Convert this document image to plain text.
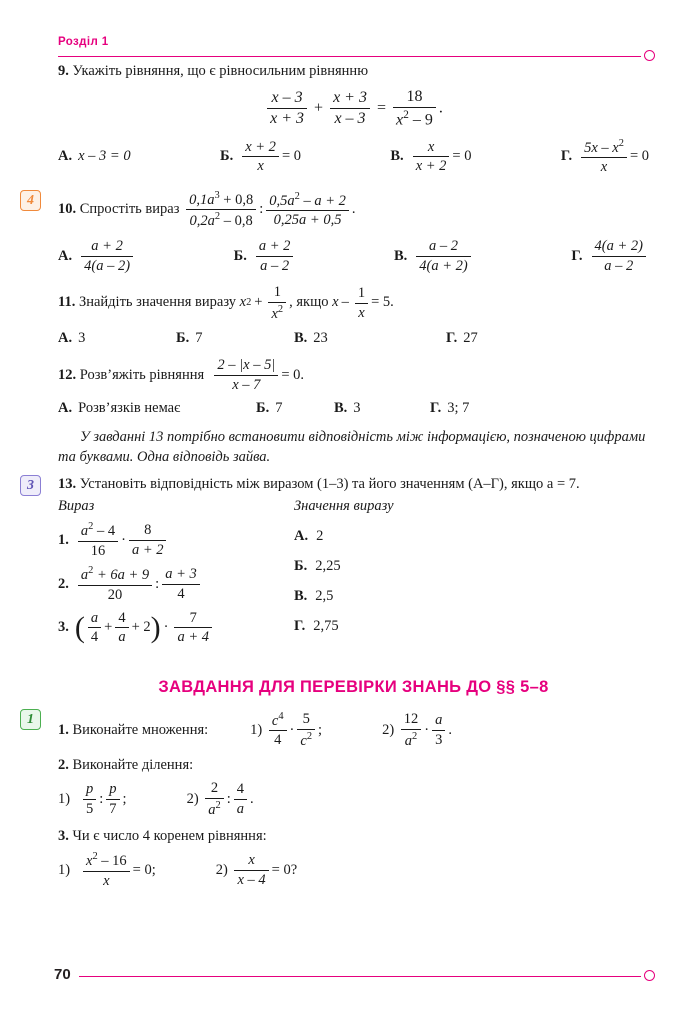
Розділ 1
9. Укажіть рівняння, що є рівносильним рівнянню
$\frac{x - 3}{x + 3} + \frac{x + 3}{x - 3} = \frac{18}{x^2 - 9}$ .
А. x – 3 = 0	Б. $\frac{x + 2}{x} = 0$	В. $\frac{x}{x + 2} = 0$	Г. $\frac{5x - x^2}{x} = 0$
4
10.
Спростіть вираз
$\frac{0,1a^3 + 0,8}{0,2a^2 - 0,8}$ : $\frac{0,5a^2 - a + 2}{0,25a + 0,5}$ .
А. $\frac{a + 2}{4(a - 2)}$	Б. $\frac{a + 2}{a - 2}$	В. $\frac{a - 2}{4(a + 2)}$	Г. $\frac{4(a + 2)}{a - 2}$
11.
Знайдіть значення виразу
x $2 + \frac{1}{x^2}$ , якщо
$x - \frac{1}{x} = 5$.
А. 3	Б. 7	В. 23	Г. 27
12.
Розв’яжіть рівняння
$\frac{2 - |x - 5|}{x - 7} = 0$.
А. Розв’язків немає	Б. 7	В. 3	Г. 3; 7
У завданні 13 потрібно встановити відповідність між інформацією, позначеною цифрами та буквами. Одна відповідь зайва.
3	13. Установіть відповідність між виразом (1–3) та його значенням (А–Г), якщо a = 7.
Вираз
1. $\frac{a^2 - 4}{16} \cdot \frac{8}{a + 2}$
2. $\frac{a^2 + 6a + 9}{20}$ : $\frac{a + 3}{4}$
3. ( $\frac{a}{4} + \frac{4}{a} + 2$ ) · $\frac{7}{a + 4}$
Значення виразу
А. 2
Б. 2,25
В. 2,5
Г. 2,75
ЗАВДАННЯ ДЛЯ ПЕРЕВІРКИ ЗНАНЬ ДО §§ 5–8
1
1.
Виконайте множення:	1)
$\frac{c^4}{4} \cdot \frac{5}{c^2}$ ;	2)
$\frac{12}{a^2} \cdot \frac{a}{3}$ .
2.
Виконайте ділення:
$1) \frac{p}{5}$ : $\frac{p}{7}$ ;	2)
$\frac{2}{a^2}$ : $\frac{4}{a}$ .
3.
Чи є число 4 коренем рівняння:
$1) \frac{x^2 - 16}{x} = 0$;	2)
$\frac{x}{x - 4} = 0$?
70
